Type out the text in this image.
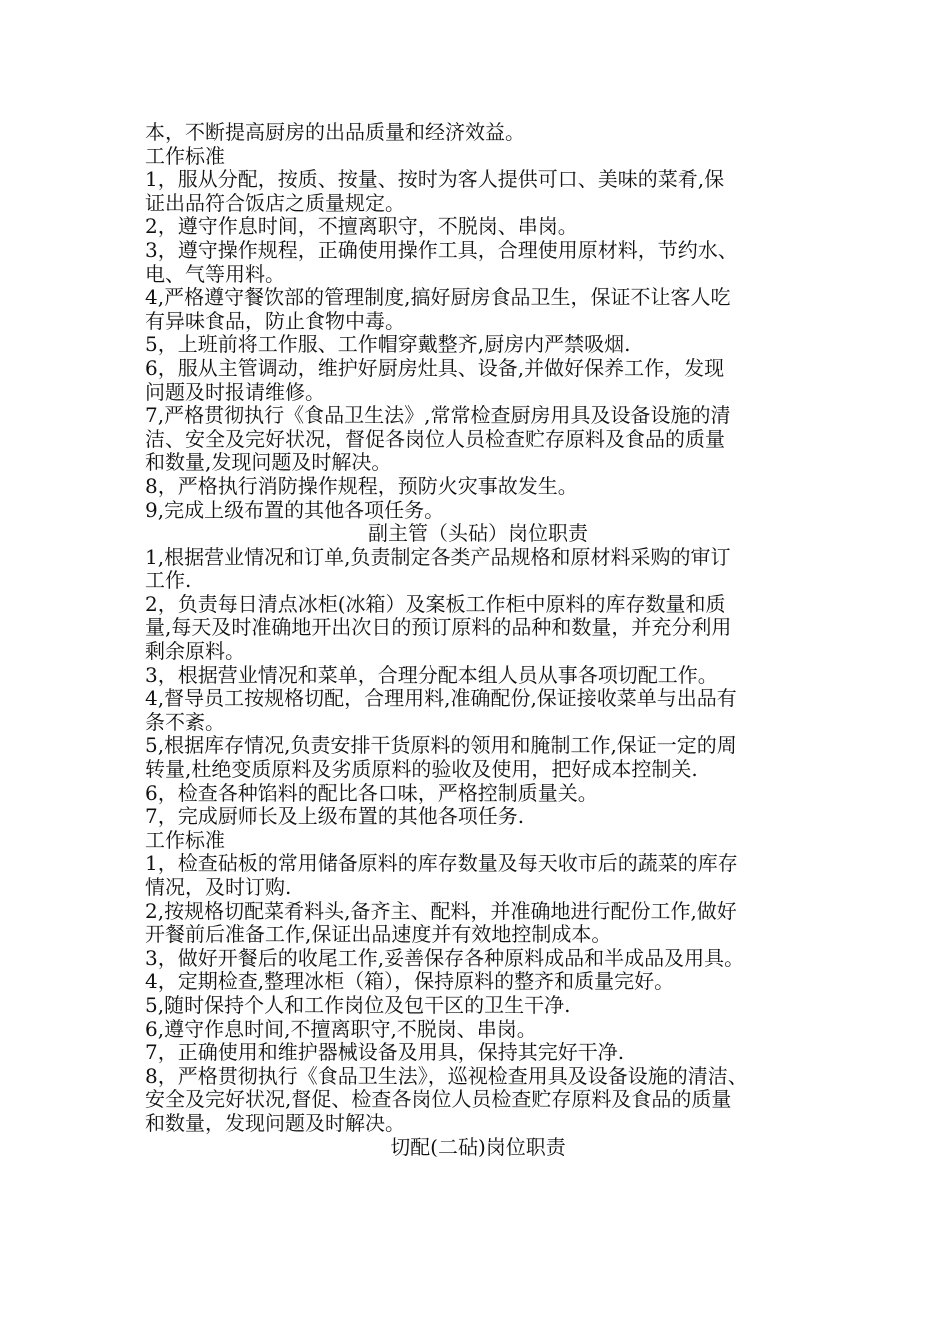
本，不断提高厨房的出品质量和经济效益。
工作标准
1，服从分配，按质、按量、按时为客人提供可口、美味的菜肴,保
证出品符合饭店之质量规定。
2，遵守作息时间，不擅离职守，不脱岗、串岗。
3，遵守操作规程，正确使用操作工具，合理使用原材料，节约水、
电、气等用料。
4,严格遵守餐饮部的管理制度,搞好厨房食品卫生，保证不让客人吃
有异味食品，防止食物中毒。
5，上班前将工作服、工作帽穿戴整齐,厨房内严禁吸烟.
6，服从主管调动，维护好厨房灶具、设备,并做好保养工作，发现
问题及时报请维修。
7,严格贯彻执行《食品卫生法》,常常检查厨房用具及设备设施的清
洁、安全及完好状况，督促各岗位人员检查贮存原料及食品的质量
和数量,发现问题及时解决。
8，严格执行消防操作规程，预防火灾事故发生。
9,完成上级布置的其他各项任务。
副主管（头砧）岗位职责
1,根据营业情况和订单,负责制定各类产品规格和原材料采购的审订
工作.
2，负责每日清点冰柜(冰箱）及案板工作柜中原料的库存数量和质
量,每天及时准确地开出次日的预订原料的品种和数量，并充分利用
剩余原料。
3，根据营业情况和菜单，合理分配本组人员从事各项切配工作。
4,督导员工按规格切配，合理用料,准确配份,保证接收菜单与出品有
条不紊。
5,根据库存情况,负责安排干货原料的领用和腌制工作,保证一定的周
转量,杜绝变质原料及劣质原料的验收及使用，把好成本控制关.
6，检查各种馅料的配比各口味，严格控制质量关。
7，完成厨师长及上级布置的其他各项任务.
工作标准
1，检查砧板的常用储备原料的库存数量及每天收市后的蔬菜的库存
情况，及时订购.
2,按规格切配菜肴料头,备齐主、配料，并准确地进行配份工作,做好
开餐前后准备工作,保证出品速度并有效地控制成本。
3，做好开餐后的收尾工作,妥善保存各种原料成品和半成品及用具。
4，定期检查,整理冰柜（箱），保持原料的整齐和质量完好。
5,随时保持个人和工作岗位及包干区的卫生干净.
6,遵守作息时间,不擅离职守,不脱岗、串岗。
7，正确使用和维护器械设备及用具，保持其完好干净.
8，严格贯彻执行《食品卫生法》，巡视检查用具及设备设施的清洁、
安全及完好状况,督促、检查各岗位人员检查贮存原料及食品的质量
和数量，发现问题及时解决。
切配(二砧)岗位职责
